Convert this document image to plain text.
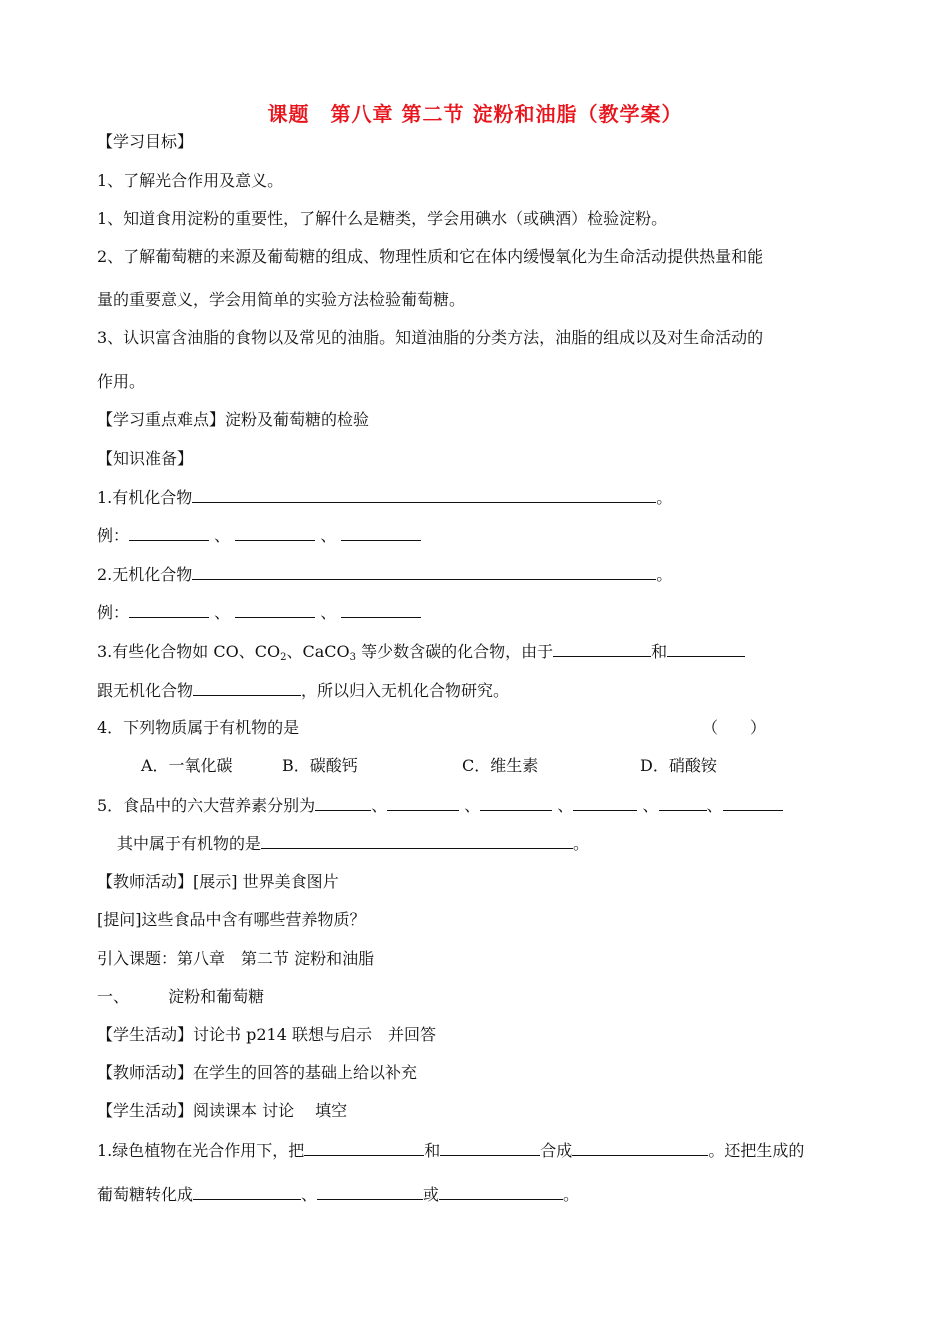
课题　第八章 第二节 淀粉和油脂（教学案）
【学习目标】
1、了解光合作用及意义。
1、知道食用淀粉的重要性，了解什么是糖类，学会用碘水（或碘酒）检验淀粉。
2、了解葡萄糖的来源及葡萄糖的组成、物理性质和它在体内缓慢氧化为生命活动提供热量和能
量的重要意义，学会用简单的实验方法检验葡萄糖。
3、认识富含油脂的食物以及常见的油脂。知道油脂的分类方法，油脂的组成以及对生命活动的
作用。
【学习重点难点】淀粉及葡萄糖的检验
【知识准备】
1.有机化合物	。
例：	、	、
2.无机化合物	。
例：	、	、
3.有些化合物如 CO、$CO_2$、CaCO$_3$ 等少数含碳的化合物，由于	和
跟无机化合物	，所以归入无机化合物研究。
4．下列物质属于有机物的是	（　　）
A．一氧化碳	B．碳酸钙	C．维生素	D．硝酸铵
5．食品中的六大营养素分别为	、	、	、	、	、
其中属于有机物的是	。
【教师活动】[展示] 世界美食图片
[提问]这些食品中含有哪些营养物质？
引入课题：第八章　第二节 淀粉和油脂
一、 淀粉和葡萄糖
【学生活动】讨论书 p214 联想与启示　并回答
【教师活动】在学生的回答的基础上给以补充
【学生活动】阅读课本 讨论　 填空
1.绿色植物在光合作用下，把	和	合成	。还把生成的
葡萄糖转化成	、	或	。
